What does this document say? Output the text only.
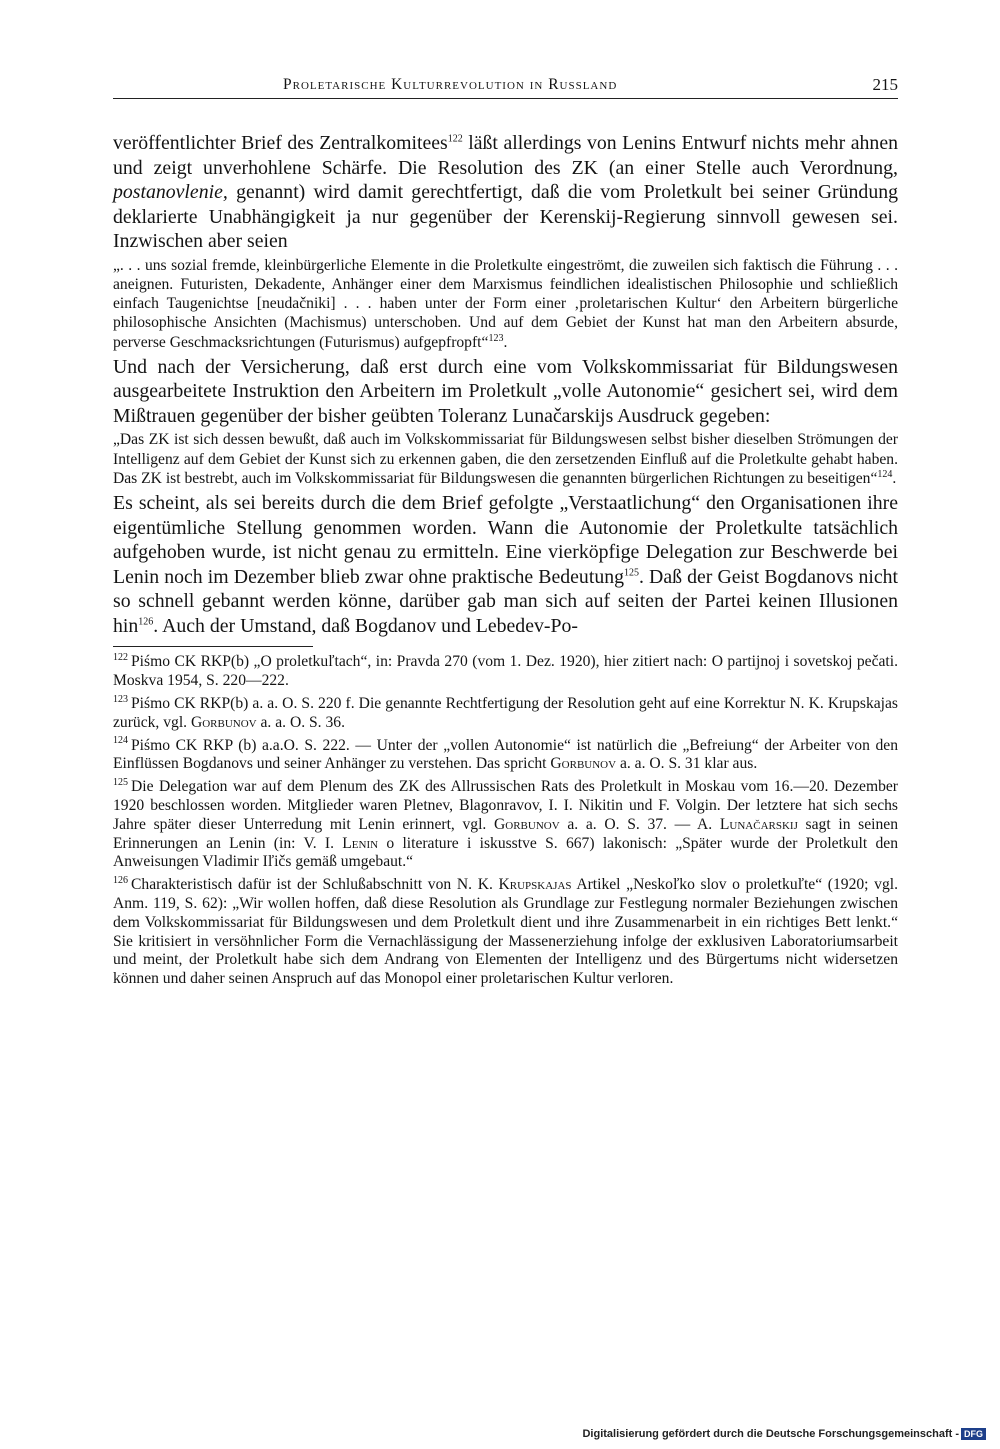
Proletarische Kulturrevolution in Russland	215

veröffentlichter Brief des Zentralkomitees$^{122}$ läßt allerdings von Lenins Entwurf nichts mehr ahnen und zeigt unverhohlene Schärfe. Die Resolution des ZK (an einer Stelle auch Verordnung, postanovlenie, genannt) wird damit gerechtfertigt, daß die vom Proletkult bei seiner Gründung deklarierte Unabhängigkeit ja nur gegenüber der Kerenskij-Regierung sinnvoll gewesen sei. Inzwischen aber seien

„. . . uns sozial fremde, kleinbürgerliche Elemente in die Proletkulte eingeströmt, die zuweilen sich faktisch die Führung . . . aneignen. Futuristen, Dekadente, Anhänger einer dem Marxismus feindlichen idealistischen Philosophie und schließlich einfach Taugenichtse [neudačniki] . . . haben unter der Form einer ‚proletarischen Kultur‘ den Arbeitern bürgerliche philosophische Ansichten (Machismus) unterschoben. Und auf dem Gebiet der Kunst hat man den Arbeitern absurde, perverse Geschmacksrichtungen (Futurismus) aufgepfropft“$^{123}$.

Und nach der Versicherung, daß erst durch eine vom Volkskommissariat für Bildungswesen ausgearbeitete Instruktion den Arbeitern im Proletkult „volle Autonomie“ gesichert sei, wird dem Mißtrauen gegenüber der bisher geübten Toleranz Lunačarskijs Ausdruck gegeben:

„Das ZK ist sich dessen bewußt, daß auch im Volkskommissariat für Bildungswesen selbst bisher dieselben Strömungen der Intelligenz auf dem Gebiet der Kunst sich zu erkennen gaben, die den zersetzenden Einfluß auf die Proletkulte gehabt haben. Das ZK ist bestrebt, auch im Volkskommissariat für Bildungswesen die genannten bürgerlichen Richtungen zu beseitigen“$^{124}$.

Es scheint, als sei bereits durch die dem Brief gefolgte „Verstaatlichung“ den Organisationen ihre eigentümliche Stellung genommen worden. Wann die Autonomie der Proletkulte tatsächlich aufgehoben wurde, ist nicht genau zu ermitteln. Eine vierköpfige Delegation zur Beschwerde bei Lenin noch im Dezember blieb zwar ohne praktische Bedeutung$^{125}$. Daß der Geist Bogdanovs nicht so schnell gebannt werden könne, darüber gab man sich auf seiten der Partei keinen Illusionen hin$^{126}$. Auch der Umstand, daß Bogdanov und Lebedev-Po-

$^{122}$ Piśmo CK RKP(b) „O proletkuľtach“, in: Pravda 270 (vom 1. Dez. 1920), hier zitiert nach: O partijnoj i sovetskoj pečati. Moskva 1954, S. 220—222.

$^{123}$ Piśmo CK RKP(b) a. a. O. S. 220 f. Die genannte Rechtfertigung der Resolution geht auf eine Korrektur N. K. Krupskajas zurück, vgl. Gorbunov a. a. O. S. 36.

$^{124}$ Piśmo CK RKP (b) a.a.O. S. 222. — Unter der „vollen Autonomie“ ist natürlich die „Befreiung“ der Arbeiter von den Einflüssen Bogdanovs und seiner Anhänger zu verstehen. Das spricht Gorbunov a. a. O. S. 31 klar aus.

$^{125}$ Die Delegation war auf dem Plenum des ZK des Allrussischen Rats des Proletkult in Moskau vom 16.—20. Dezember 1920 beschlossen worden. Mitglieder waren Pletnev, Blagonravov, I. I. Nikitin und F. Volgin. Der letztere hat sich sechs Jahre später dieser Unterredung mit Lenin erinnert, vgl. Gorbunov a. a. O. S. 37. — A. Lunačarskij sagt in seinen Erinnerungen an Lenin (in: V. I. Lenin o literature i iskusstve S. 667) lakonisch: „Später wurde der Proletkult den Anweisungen Vladimir Iľičs gemäß umgebaut.“

$^{126}$ Charakteristisch dafür ist der Schlußabschnitt von N. K. Krupskajas Artikel „Neskoľko slov o proletkuľte“ (1920; vgl. Anm. 119, S. 62): „Wir wollen hoffen, daß diese Resolution als Grundlage zur Festlegung normaler Beziehungen zwischen dem Volkskommissariat für Bildungswesen und dem Proletkult dient und ihre Zusammenarbeit in ein richtiges Bett lenkt.“ Sie kritisiert in versöhnlicher Form die Vernachlässigung der Massenerziehung infolge der exklusiven Laboratoriumsarbeit und meint, der Proletkult habe sich dem Andrang von Elementen der Intelligenz und des Bürgertums nicht widersetzen können und daher seinen Anspruch auf das Monopol einer proletarischen Kultur verloren.

Digitalisierung gefördert durch die Deutsche Forschungsgemeinschaft - DFG
